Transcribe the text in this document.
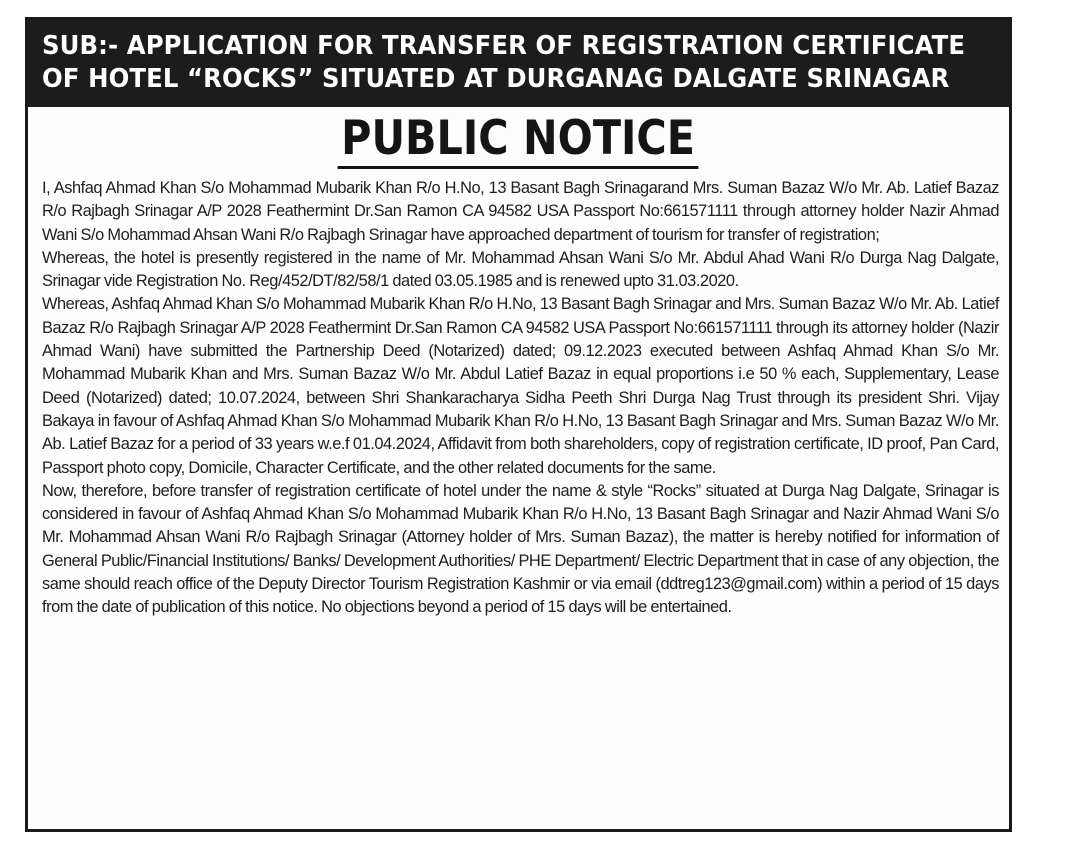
SUB:- APPLICATION FOR TRANSFER OF REGISTRATION CERTIFICATE
OF HOTEL “ROCKS” SITUATED AT DURGANAG DALGATE SRINAGAR
PUBLIC NOTICE

I, Ashfaq Ahmad Khan S/o Mohammad Mubarik Khan R/o H.No, 13 Basant Bagh Srinagarand Mrs. Suman Bazaz W/o Mr. Ab. Latief Bazaz R/o Rajbagh Srinagar A/P 2028 Feathermint Dr.San Ramon CA 94582 USA Passport No:661571111 through attorney holder Nazir Ahmad Wani S/o Mohammad Ahsan Wani R/o Rajbagh Srinagar have approached department of tourism for transfer of registration;

Whereas, the hotel is presently registered in the name of Mr. Mohammad Ahsan Wani S/o Mr. Abdul Ahad Wani R/o Durga Nag Dalgate, Srinagar vide Registration No. Reg/452/DT/82/58/1 dated 03.05.1985 and is renewed upto 31.03.2020.

Whereas, Ashfaq Ahmad Khan S/o Mohammad Mubarik Khan R/o H.No, 13 Basant Bagh Srinagar and Mrs. Suman Bazaz W/o Mr. Ab. Latief Bazaz R/o Rajbagh Srinagar A/P 2028 Feathermint Dr.San Ramon CA 94582 USA Passport No:661571111 through its attorney holder (Nazir Ahmad Wani) have submitted the Partnership Deed (Notarized) dated; 09.12.2023 executed between Ashfaq Ahmad Khan S/o Mr. Mohammad Mubarik Khan and Mrs. Suman Bazaz W/o Mr. Abdul Latief Bazaz in equal proportions i.e 50 % each, Supplementary, Lease Deed (Notarized) dated; 10.07.2024, between Shri Shankaracharya Sidha Peeth Shri Durga Nag Trust through its president Shri. Vijay Bakaya in favour of Ashfaq Ahmad Khan S/o Mohammad Mubarik Khan R/o H.No, 13 Basant Bagh Srinagar and Mrs. Suman Bazaz W/o Mr. Ab. Latief Bazaz for a period of 33 years w.e.f 01.04.2024, Affidavit from both shareholders, copy of registration certificate, ID proof, Pan Card, Passport photo copy, Domicile, Character Certificate, and the other related documents for the same.

Now, therefore, before transfer of registration certificate of hotel under the name & style “Rocks” situated at Durga Nag Dalgate, Srinagar is considered in favour of Ashfaq Ahmad Khan S/o Mohammad Mubarik Khan R/o H.No, 13 Basant Bagh Srinagar and Nazir Ahmad Wani S/o Mr. Mohammad Ahsan Wani R/o Rajbagh Srinagar (Attorney holder of Mrs. Suman Bazaz), the matter is hereby notified for information of General Public/Financial Institutions/ Banks/ Development Authorities/ PHE Department/ Electric Department that in case of any objection, the same should reach office of the Deputy Director Tourism Registration Kashmir or via email (ddtreg123@gmail.com) within a period of 15 days from the date of publication of this notice. No objections beyond a period of 15 days will be entertained.
